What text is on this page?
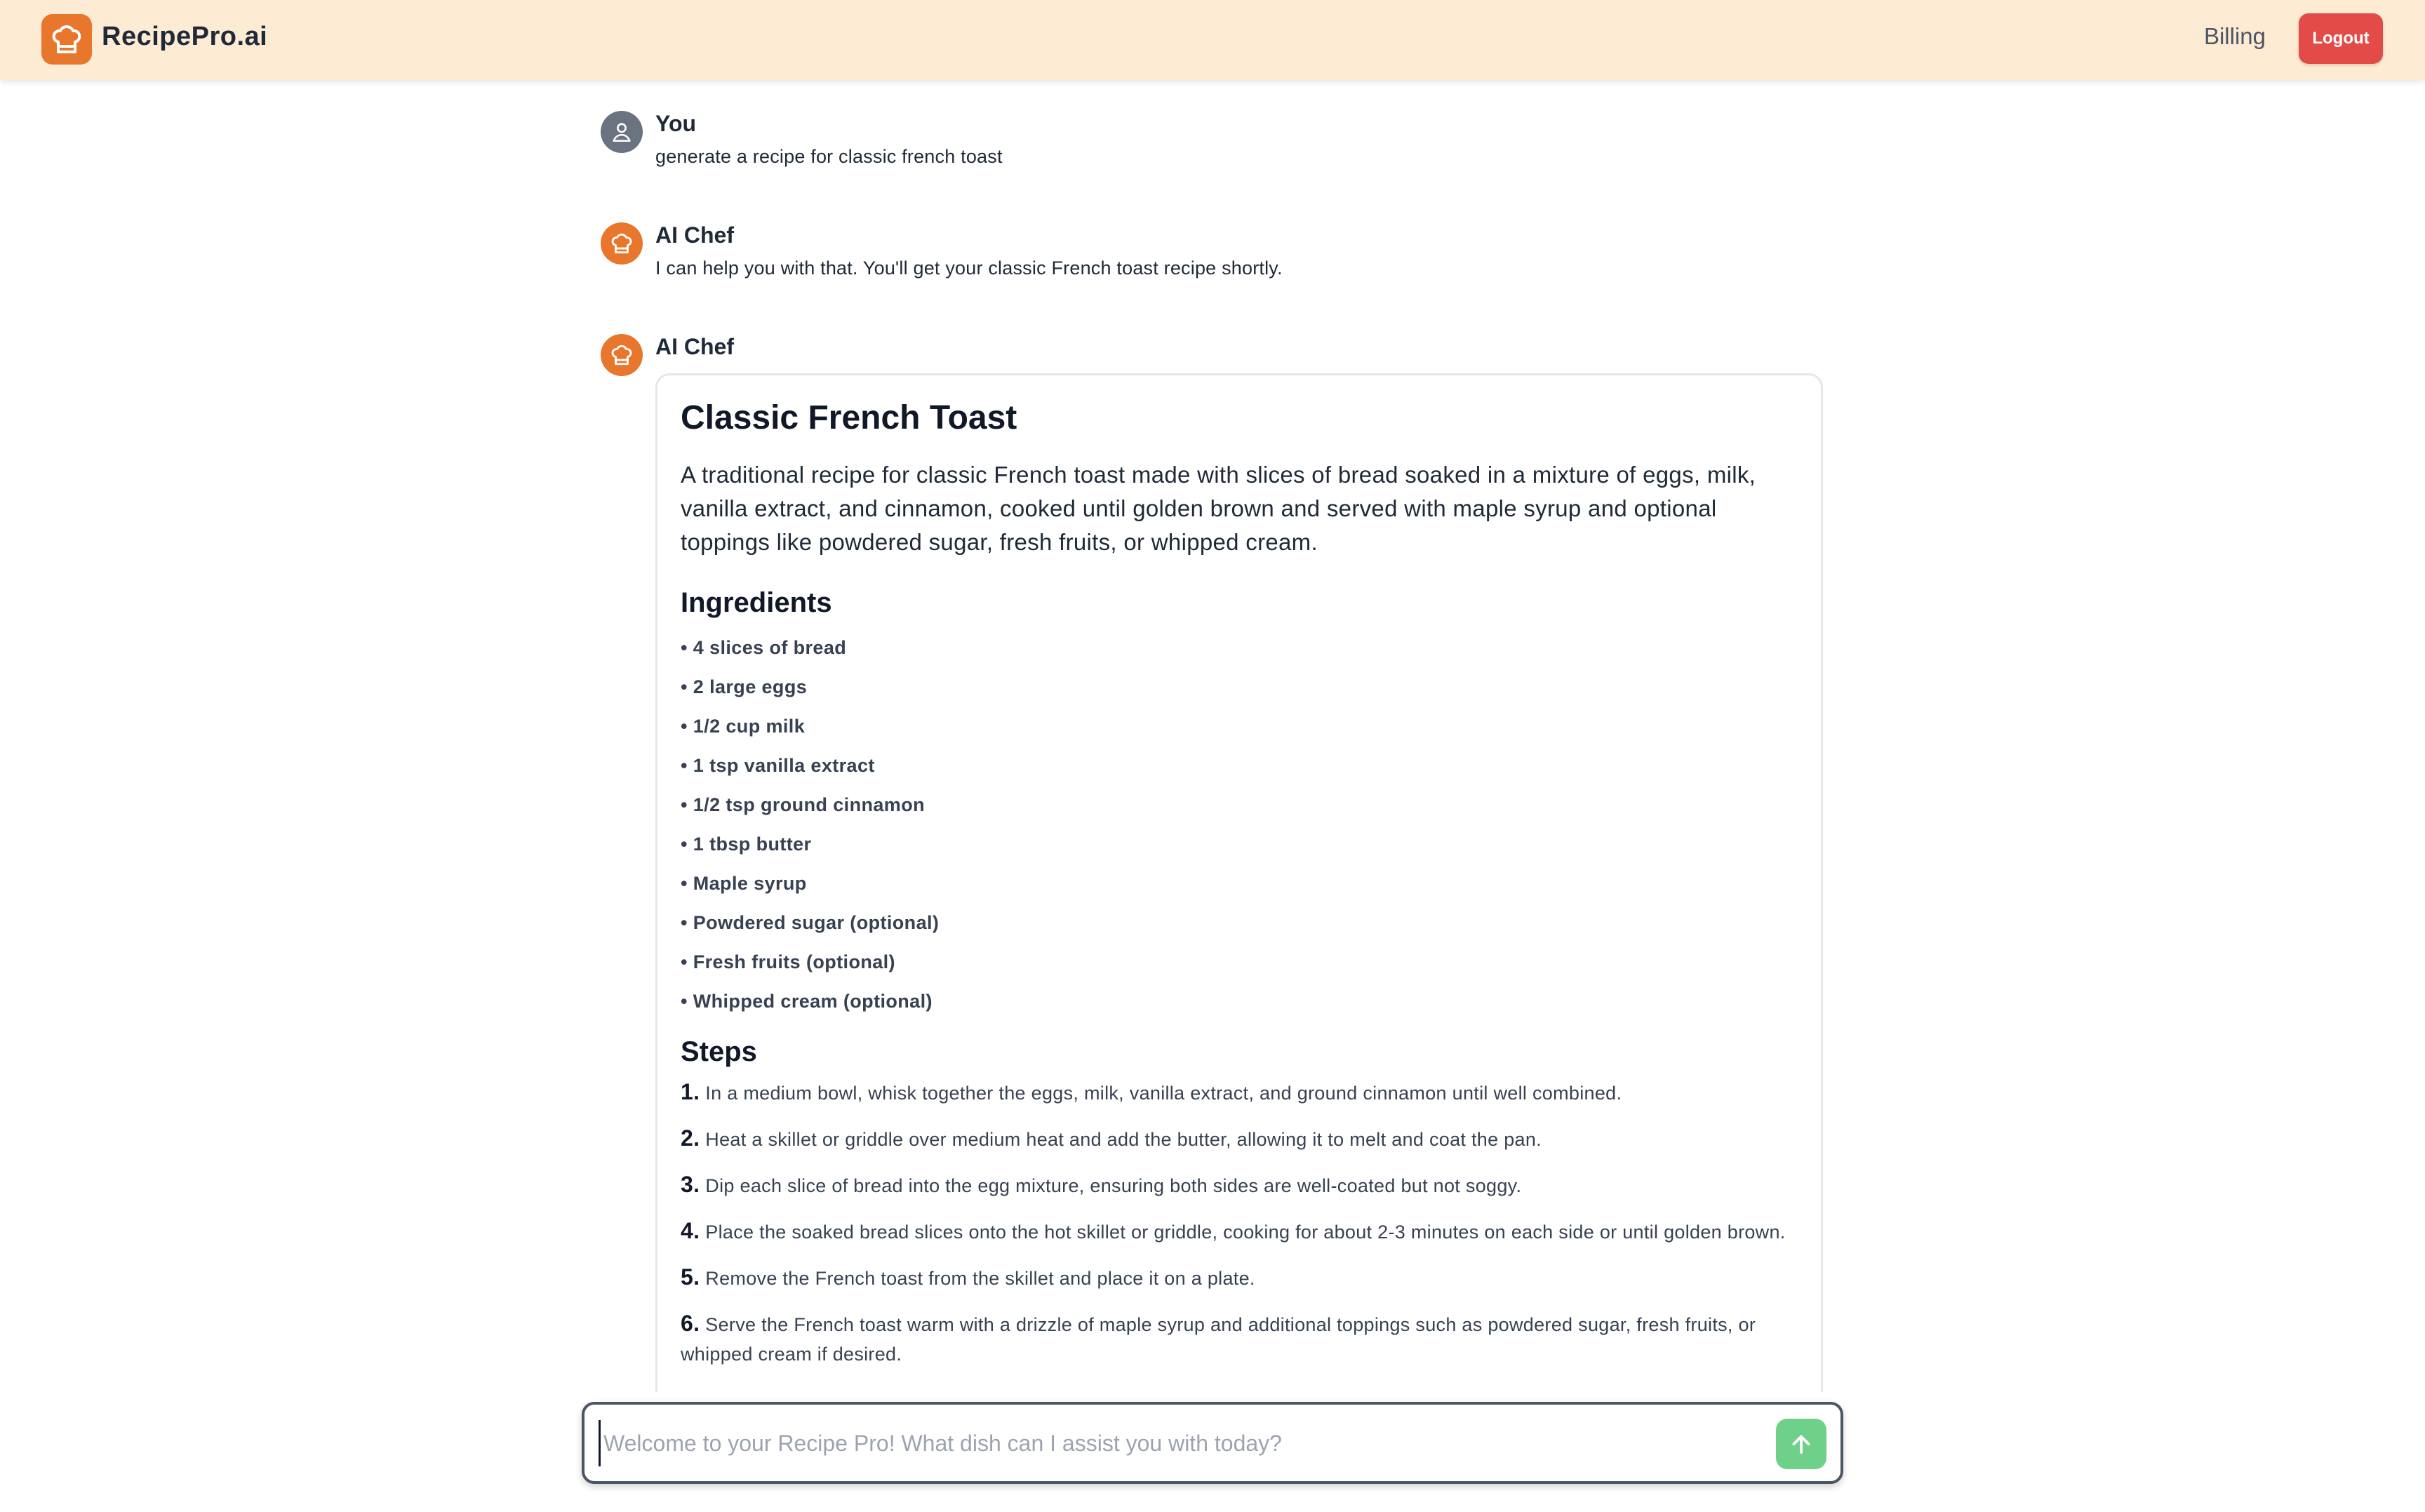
RecipePro.ai	Billing	Logout
You
generate a recipe for classic french toast
AI Chef
I can help you with that. You'll get your classic French toast recipe shortly.
AI Chef
Classic French Toast

A traditional recipe for classic French toast made with slices of bread soaked in a mixture of eggs, milk, vanilla extract, and cinnamon, cooked until golden brown and served with maple syrup and optional toppings like powdered sugar, fresh fruits, or whipped cream.

Ingredients
• 4 slices of bread
• 2 large eggs
• 1/2 cup milk
• 1 tsp vanilla extract
• 1/2 tsp ground cinnamon
• 1 tbsp butter
• Maple syrup
• Powdered sugar (optional)
• Fresh fruits (optional)
• Whipped cream (optional)
Steps
1. In a medium bowl, whisk together the eggs, milk, vanilla extract, and ground cinnamon until well combined.
2. Heat a skillet or griddle over medium heat and add the butter, allowing it to melt and coat the pan.
3. Dip each slice of bread into the egg mixture, ensuring both sides are well-coated but not soggy.
4. Place the soaked bread slices onto the hot skillet or griddle, cooking for about 2-3 minutes on each side or until golden brown.
5. Remove the French toast from the skillet and place it on a plate.
6. Serve the French toast warm with a drizzle of maple syrup and additional toppings such as powdered sugar, fresh fruits, or whipped cream if desired.
Welcome to your Recipe Pro! What dish can I assist you with today?
